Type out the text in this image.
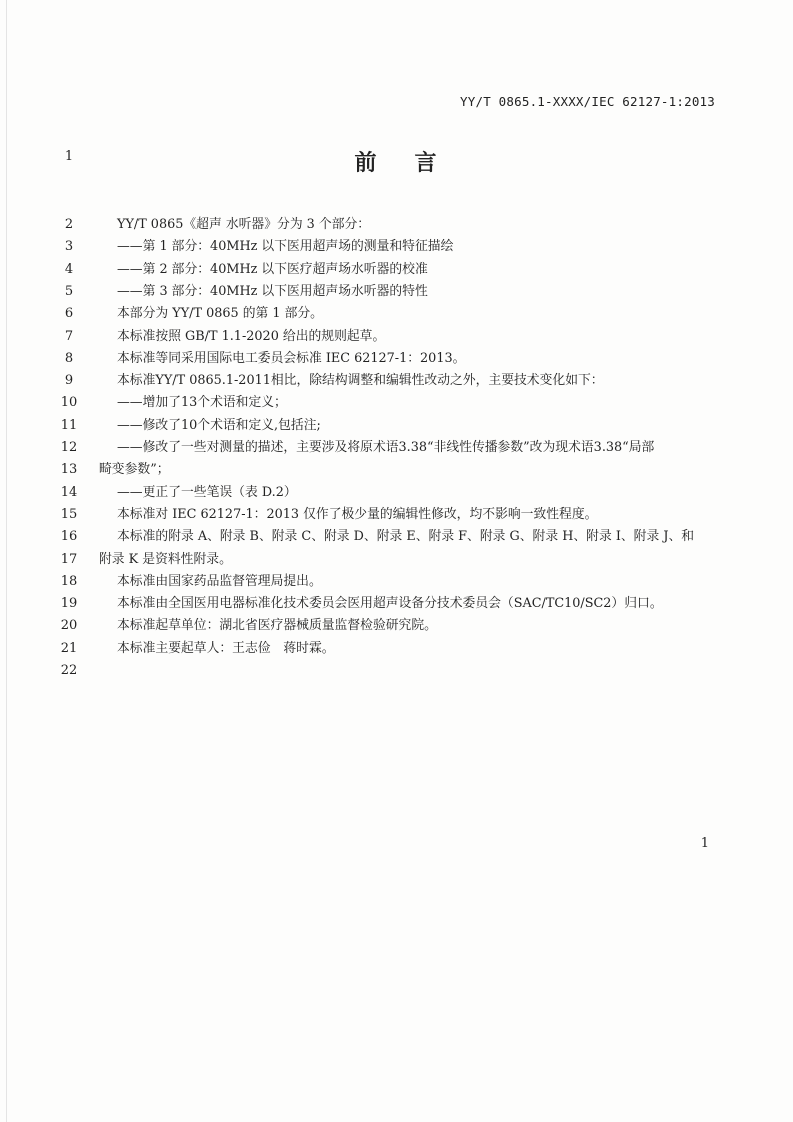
YY/T 0865.1-XXXX/IEC 62127-1:2013
1	前 言
2	YY/T 0865《超声 水听器》分为 3 个部分：
3	——第 1 部分：40MHz 以下医用超声场的测量和特征描绘
4	——第 2 部分：40MHz 以下医疗超声场水听器的校准
5	——第 3 部分：40MHz 以下医用超声场水听器的特性
6	本部分为 YY/T 0865 的第 1 部分。
7	本标准按照 GB/T 1.1-2020 给出的规则起草。
8	本标准等同采用国际电工委员会标准 IEC 62127-1：2013。
9	本标准YY/T 0865.1-2011相比，除结构调整和编辑性改动之外，主要技术变化如下：
10	——增加了13个术语和定义；
11	——修改了10个术语和定义,包括注;
12	——修改了一些对测量的描述，主要涉及将原术语3.38“非线性传播参数”改为现术语3.38“局部
13	畸变参数”；
14	——更正了一些笔误（表 D.2）
15	本标准对 IEC 62127-1：2013 仅作了极少量的编辑性修改，均不影响一致性程度。
16	本标准的附录 A、附录 B、附录 C、附录 D、附录 E、附录 F、附录 G、附录 H、附录 I、附录 J、和
17	附录 K 是资料性附录。
18	本标准由国家药品监督管理局提出。
19	本标准由全国医用电器标准化技术委员会医用超声设备分技术委员会（SAC/TC10/SC2）归口。
20	本标准起草单位：湖北省医疗器械质量监督检验研究院。
21	本标准主要起草人：王志俭　蒋时霖。
22
1
